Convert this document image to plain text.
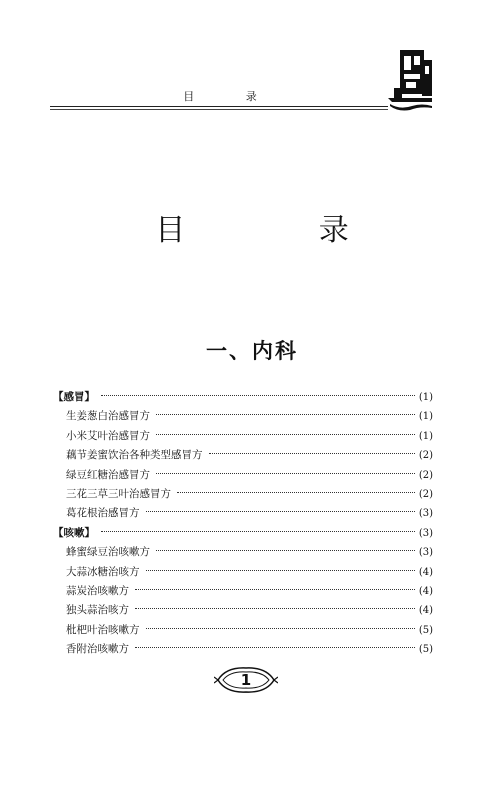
目 录
目 录
一、内科
【感冒】	(1)
生姜葱白治感冒方	(1)
小米艾叶治感冒方	(1)
藕节姜蜜饮治各种类型感冒方	(2)
绿豆红糖治感冒方	(2)
三花三草三叶治感冒方	(2)
葛花根治感冒方	(3)
【咳嗽】	(3)
蜂蜜绿豆治咳嗽方	(3)
大蒜冰糖治咳方	(4)
蒜炭治咳嗽方	(4)
独头蒜治咳方	(4)
枇杷叶治咳嗽方	(5)
香附治咳嗽方	(5)
1
